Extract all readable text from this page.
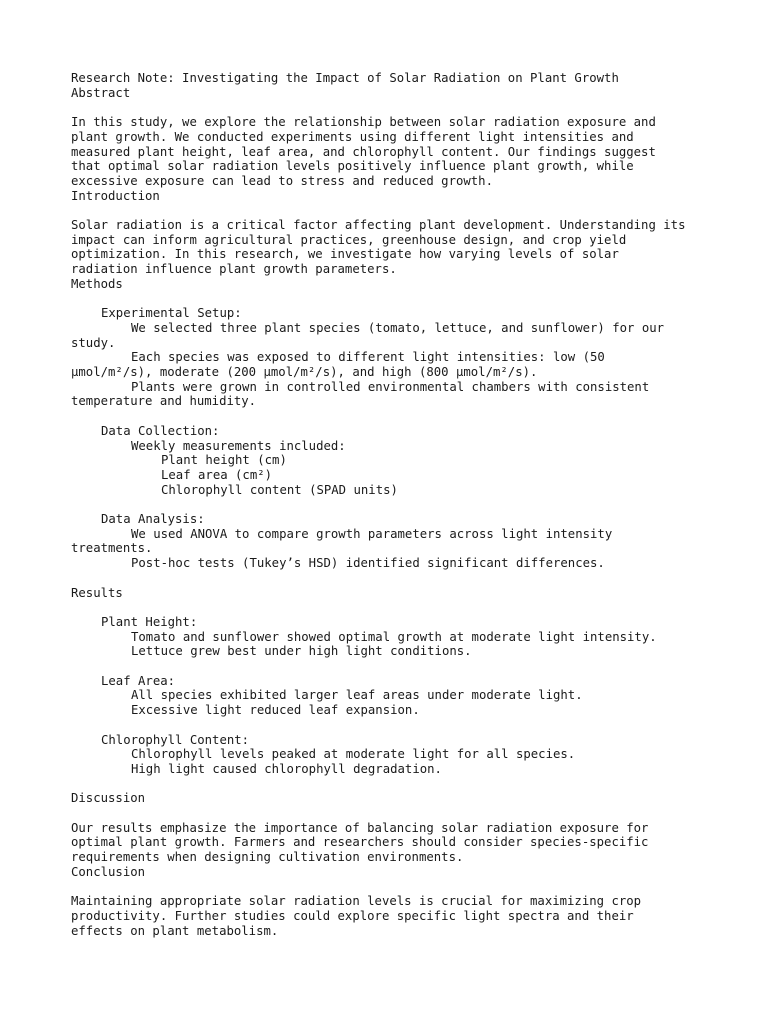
Research Note: Investigating the Impact of Solar Radiation on Plant Growth
Abstract
In this study, we explore the relationship between solar radiation exposure and
plant growth. We conducted experiments using different light intensities and
measured plant height, leaf area, and chlorophyll content. Our findings suggest
that optimal solar radiation levels positively influence plant growth, while
excessive exposure can lead to stress and reduced growth.
Introduction
Solar radiation is a critical factor affecting plant development. Understanding its
impact can inform agricultural practices, greenhouse design, and crop yield
optimization. In this research, we investigate how varying levels of solar
radiation influence plant growth parameters.
Methods
Experimental Setup:
We selected three plant species (tomato, lettuce, and sunflower) for our
study.
Each species was exposed to different light intensities: low (50
μmol/m²/s), moderate (200 μmol/m²/s), and high (800 μmol/m²/s).
Plants were grown in controlled environmental chambers with consistent
temperature and humidity.
Data Collection:
Weekly measurements included:
Plant height (cm)
Leaf area (cm²)
Chlorophyll content (SPAD units)
Data Analysis:
We used ANOVA to compare growth parameters across light intensity
treatments.
Post-hoc tests (Tukey’s HSD) identified significant differences.
Results
Plant Height:
Tomato and sunflower showed optimal growth at moderate light intensity.
Lettuce grew best under high light conditions.
Leaf Area:
All species exhibited larger leaf areas under moderate light.
Excessive light reduced leaf expansion.
Chlorophyll Content:
Chlorophyll levels peaked at moderate light for all species.
High light caused chlorophyll degradation.
Discussion
Our results emphasize the importance of balancing solar radiation exposure for
optimal plant growth. Farmers and researchers should consider species-specific
requirements when designing cultivation environments.
Conclusion
Maintaining appropriate solar radiation levels is crucial for maximizing crop
productivity. Further studies could explore specific light spectra and their
effects on plant metabolism.
